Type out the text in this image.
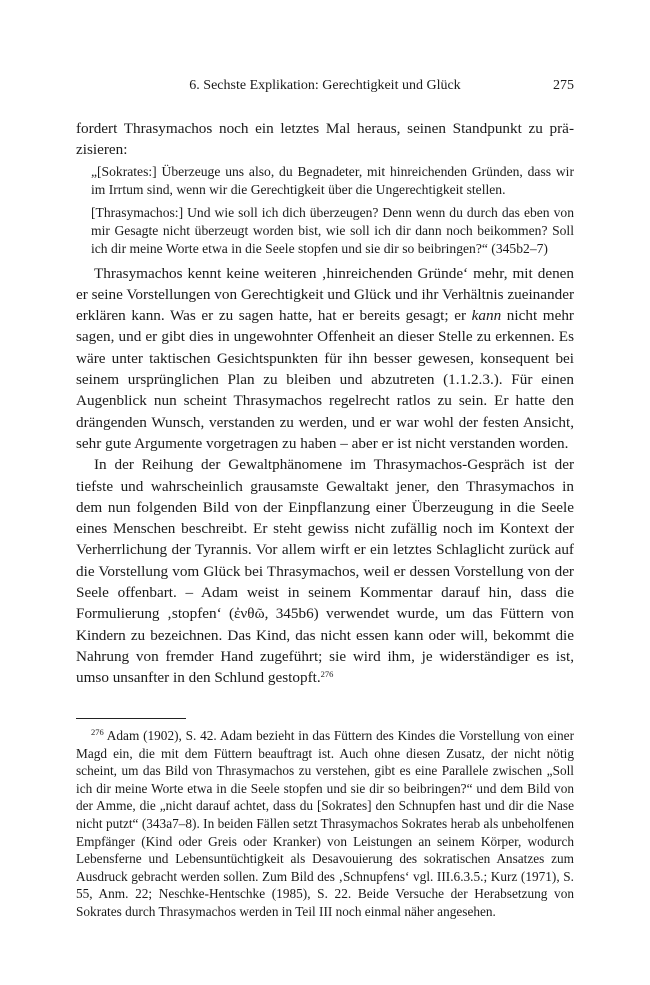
6. Sechste Explikation: Gerechtigkeit und Glück	275

fordert Thrasymachos noch ein letztes Mal heraus, seinen Standpunkt zu präzisieren:

„[Sokrates:] Überzeuge uns also, du Begnadeter, mit hinreichenden Gründen, dass wir im Irrtum sind, wenn wir die Gerechtigkeit über die Ungerechtigkeit stellen.

[Thrasymachos:] Und wie soll ich dich überzeugen? Denn wenn du durch das eben von mir Gesagte nicht überzeugt worden bist, wie soll ich dir dann noch beikommen? Soll ich dir meine Worte etwa in die Seele stopfen und sie dir so beibringen?“ (345b2–7)

Thrasymachos kennt keine weiteren ‚hinreichenden Gründe‘ mehr, mit denen er seine Vorstellungen von Gerechtigkeit und Glück und ihr Verhältnis zueinander erklären kann. Was er zu sagen hatte, hat er bereits gesagt; er kann nicht mehr sagen, und er gibt dies in ungewohnter Offenheit an dieser Stelle zu erkennen. Es wäre unter taktischen Gesichtspunkten für ihn besser gewesen, konsequent bei seinem ursprünglichen Plan zu bleiben und abzutreten (1.1.2.3.). Für einen Augenblick nun scheint Thrasymachos regelrecht ratlos zu sein. Er hatte den drängenden Wunsch, verstanden zu werden, und er war wohl der festen Ansicht, sehr gute Argumente vorgetragen zu haben – aber er ist nicht verstanden worden.

In der Reihung der Gewaltphänomene im Thrasymachos-Gespräch ist der tiefste und wahrscheinlich grausamste Gewaltakt jener, den Thrasymachos in dem nun folgenden Bild von der Einpflanzung einer Überzeugung in die Seele eines Menschen beschreibt. Er steht gewiss nicht zufällig noch im Kontext der Verherrlichung der Tyrannis. Vor allem wirft er ein letztes Schlaglicht zurück auf die Vorstellung vom Glück bei Thrasymachos, weil er dessen Vorstellung von der Seele offenbart. – Adam weist in seinem Kommentar darauf hin, dass die Formulierung ‚stopfen‘ (ἐνθῶ, 345b6) verwendet wurde, um das Füttern von Kindern zu bezeichnen. Das Kind, das nicht essen kann oder will, bekommt die Nahrung von fremder Hand zugeführt; sie wird ihm, je widerständiger es ist, umso unsanfter in den Schlund gestopft.$^{276}$

$^{276}$ Adam (1902), S. 42. Adam bezieht in das Füttern des Kindes die Vorstellung von einer Magd ein, die mit dem Füttern beauftragt ist. Auch ohne diesen Zusatz, der nicht nötig scheint, um das Bild von Thrasymachos zu verstehen, gibt es eine Parallele zwischen „Soll ich dir meine Worte etwa in die Seele stopfen und sie dir so beibringen?“ und dem Bild von der Amme, die „nicht darauf achtet, dass du [Sokrates] den Schnupfen hast und dir die Nase nicht putzt“ (343a7–8). In beiden Fällen setzt Thrasymachos Sokrates herab als unbeholfenen Empfänger (Kind oder Greis oder Kranker) von Leistungen an seinem Körper, wodurch Lebensferne und Lebensuntüchtigkeit als Desavouierung des sokratischen Ansatzes zum Ausdruck gebracht werden sollen. Zum Bild des ‚Schnupfens‘ vgl. III.6.3.5.; Kurz (1971), S. 55, Anm. 22; Neschke-Hentschke (1985), S. 22. Beide Versuche der Herabsetzung von Sokrates durch Thrasymachos werden in Teil III noch einmal näher angesehen.
